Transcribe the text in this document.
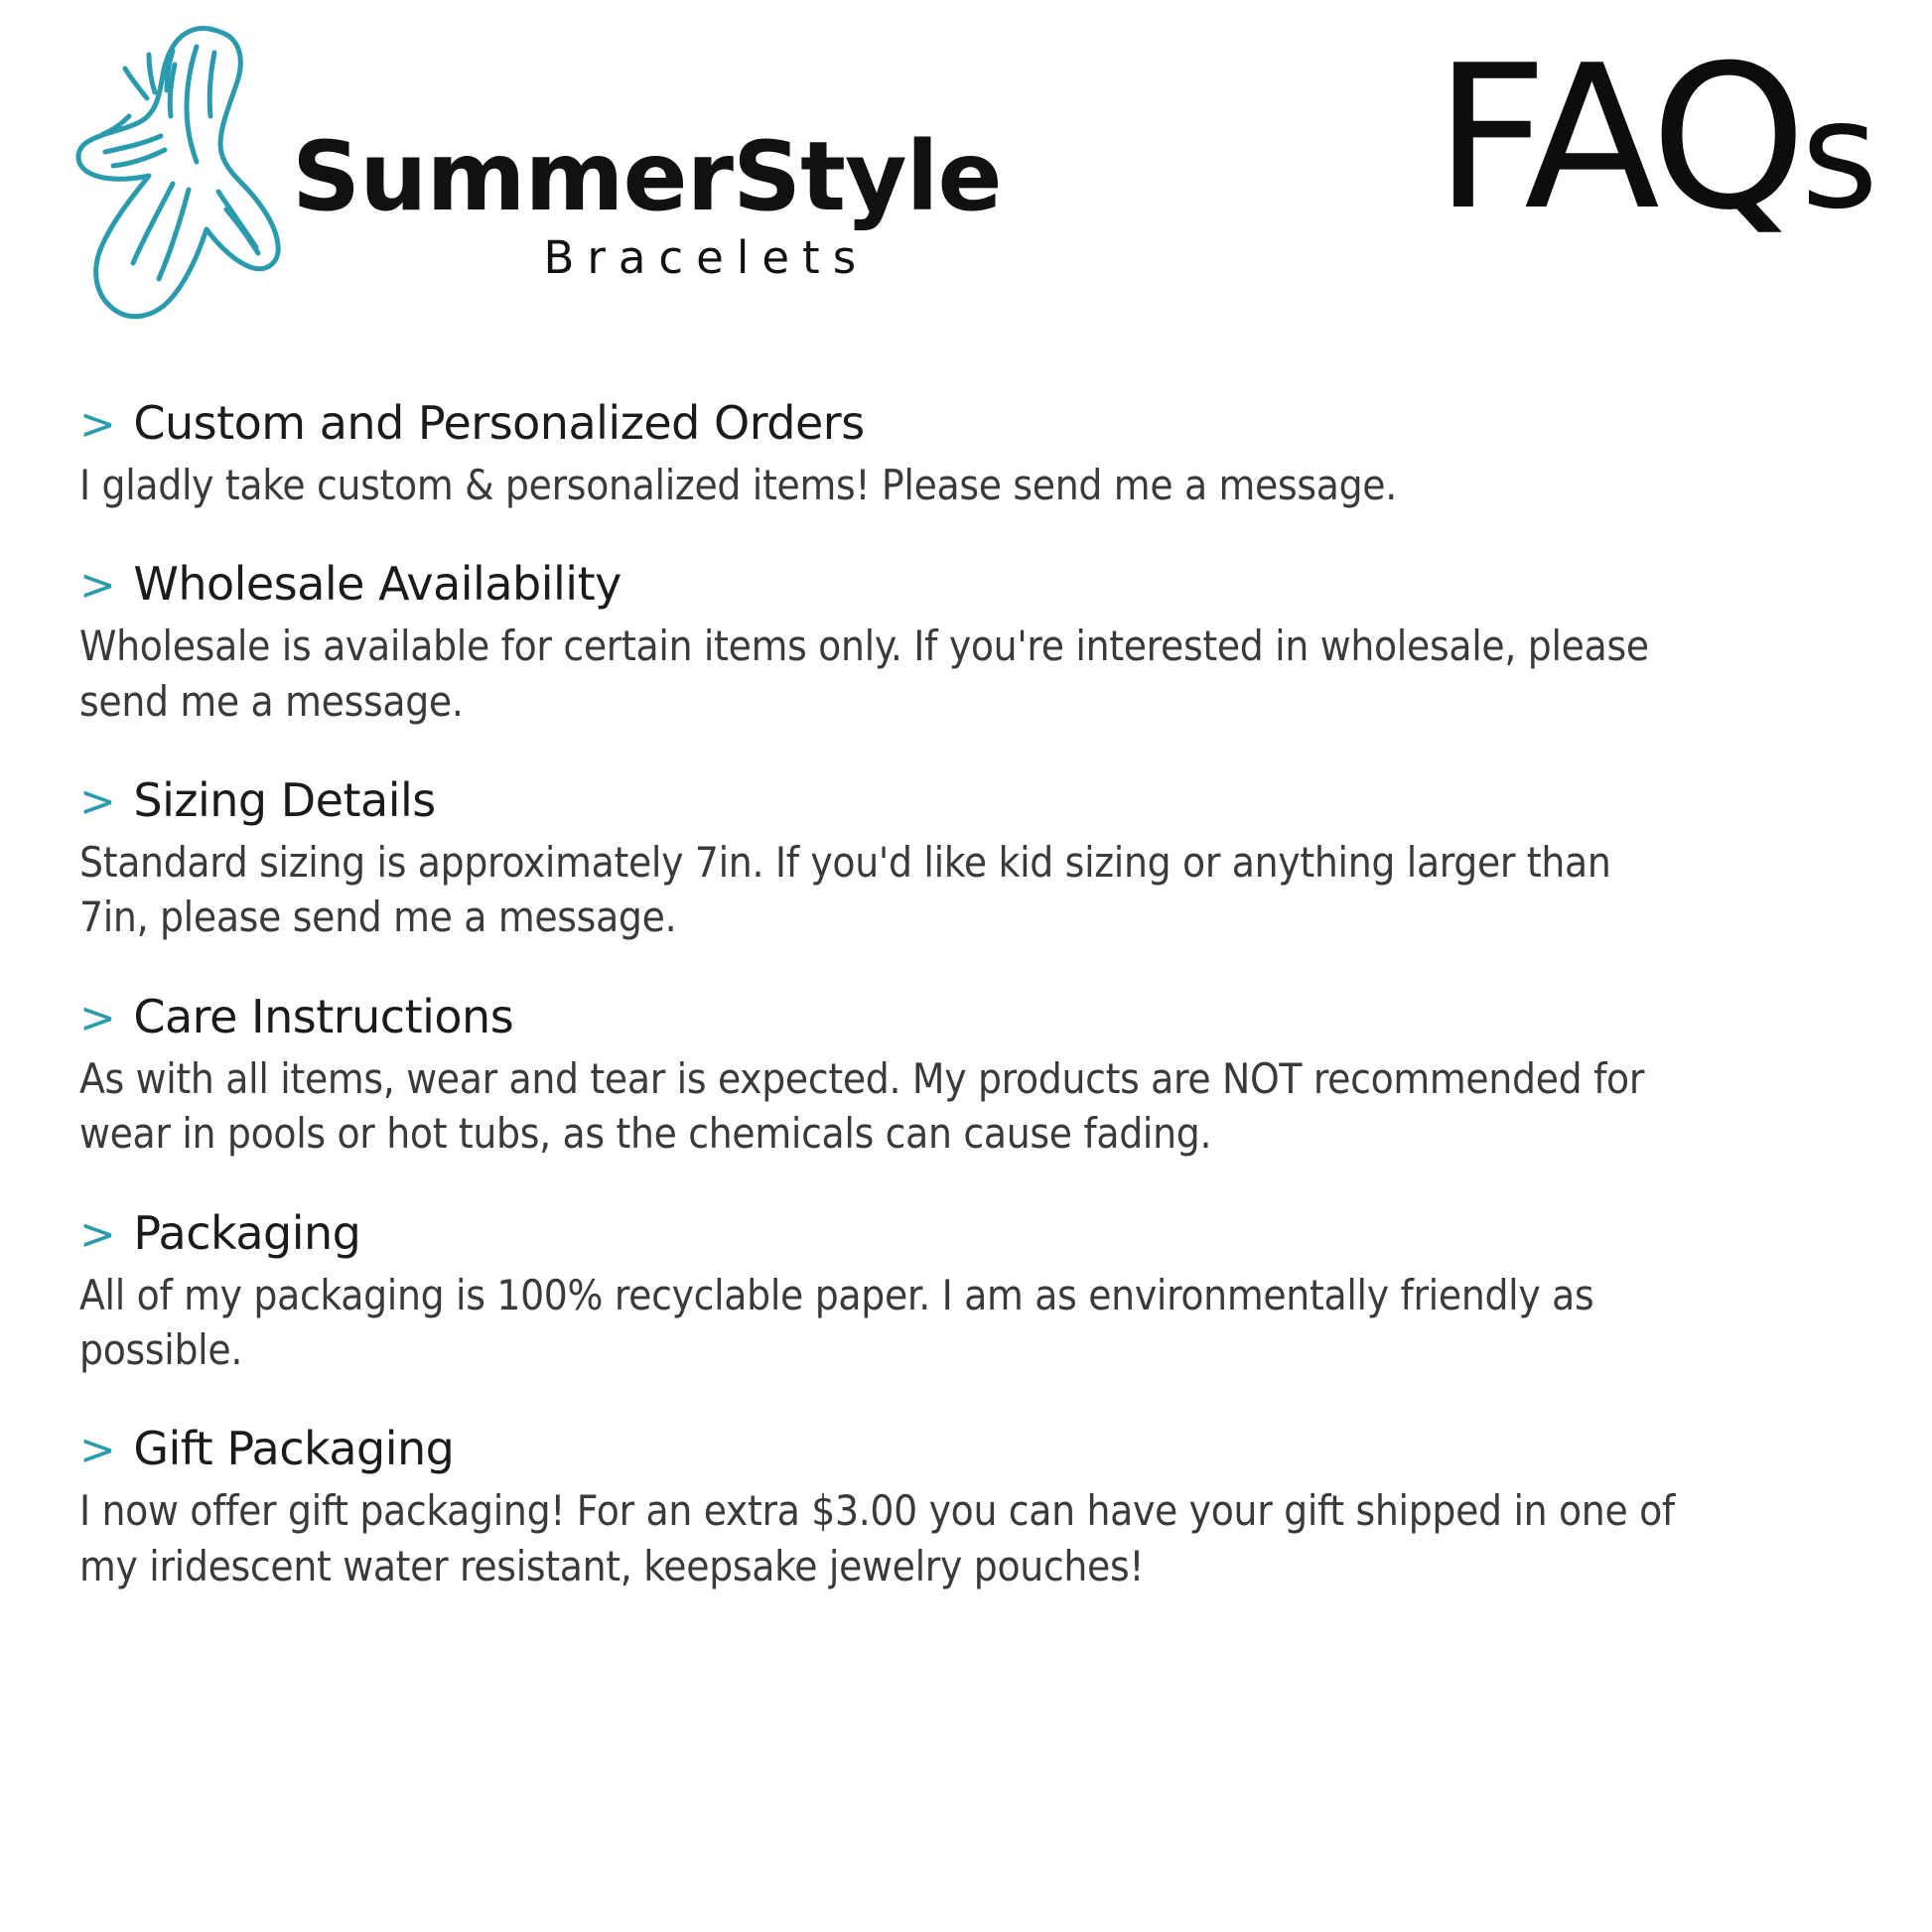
SummerStyle
Bracelets
FAQs
> Custom and Personalized Orders
I gladly take custom & personalized items! Please send me a message.
> Wholesale Availability
Wholesale is available for certain items only. If you're interested in wholesale, please send me a message.
> Sizing Details
Standard sizing is approximately 7in. If you'd like kid sizing or anything larger than 7in, please send me a message.
> Care Instructions
As with all items, wear and tear is expected. My products are NOT recommended for wear in pools or hot tubs, as the chemicals can cause fading.
> Packaging
All of my packaging is 100% recyclable paper. I am as environmentally friendly as possible.
> Gift Packaging
I now offer gift packaging! For an extra $3.00 you can have your gift shipped in one of my iridescent water resistant, keepsake jewelry pouches!
